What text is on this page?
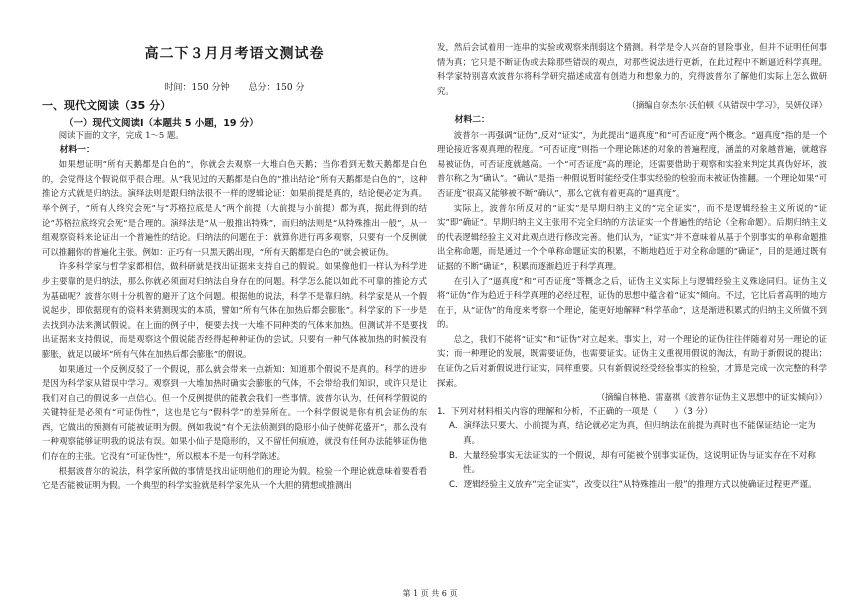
高二下３月月考语文测试卷
时间：150 分钟 总分：150 分
一、现代文阅读（35 分）
（一）现代文阅读Ⅰ（本题共 5 小题，19 分）
阅读下面的文字，完成 1～5 题。
材料一：
如果想证明“所有天鹅都是白色的”，你就会去观察一大堆白色天鹅；当你看到无数天鹅都是白色的，会觉得这个假说似乎很合理。从“我见过的天鹅都是白色的”推出结论“所有天鹅都是白色的”，这种推论方式就是归纳法。演绎法则是跟归纳法很不一样的逻辑论证：如果前提是真的，结论便必定为真。举个例子，“所有人终究会死”与“苏格拉底是人”两个前提（大前提与小前提）都为真，据此得到的结论“苏格拉底终究会死”是合理的。演绎法是“从一般推出特殊”，而归纳法则是“从特殊推出一般”，从一组观察资料来论证出一个普遍性的结论。归纳法的问题在于：就算你进行再多观察，只要有一个反例就可以推翻你的普遍化主张。例如：正巧有一只黑天鹅出现，“所有天鹅都是白色的”就会被证伪。
许多科学家与哲学家都相信，做科研就是找出证据来支持自己的假说。如果像他们一样认为科学进步主要靠的是归纳法，那么你就必须面对归纳法自身存在的问题。科学怎么能以如此不可靠的推论方式为基础呢？波普尔则十分机智的避开了这个问题。根据他的说法，科学不是靠归纳。科学家是从一个假说起步，即依据现有的资料来猜测现实的本质，譬如“所有气体在加热后都会膨胀”。科学家的下一步是去找到办法来测试假说。在上面的例子中，便要去找一大堆不同种类的气体来加热。但测试并不是要找出证据来支持假说，而是观察这个假说能否经得起种种证伪的尝试。只要有一种气体被加热的时候没有膨胀，就足以破坏“所有气体在加热后都会膨胀”的假说。
如果通过一个反例反驳了一个假说，那么就会带来一点新知：知道那个假说不是真的。科学的进步是因为科学家从错误中学习。观察到一大堆加热时确实会膨胀的气体，不会带给我们知识，或许只是让我们对自己的假说多一点信心。但一个反例提供的能教会我们一些事情。波普尔认为，任何科学假说的关键特征是必须有“可证伪性”，这也是它与“假科学”的差异所在。一个科学假说是你有机会证伪的东西，它做出的预测有可能被证明为假。例如我说“有个无法侦测到的隐形小仙子使鲜花盛开”，那么没有一种观察能够证明我的说法有误。如果小仙子是隐形的，又不留任何痕迹，就没有任何办法能够证伪他们存在的主张。它没有“可证伪性”，所以根本不是一句科学陈述。
根据波普尔的说法，科学家所做的事情是找出证明他们的理论为假。检验一个理论就意味着要看看它是否能被证明为假。一个典型的科学实验就是科学家先从一个大胆的猜想或推测出
发，然后会试着用一连串的实验或观察来削弱这个猜测。科学是令人兴奋的冒险事业，但并不证明任何事情为真；它只是不断证伪或去除那些错误的观点，对那些说法进行更新，在此过程中不断逼近科学真理。科学家特别喜欢波普尔将科学研究描述成富有创造力和想象力的，究得波普尔了解他们实际上怎么做研究。
（摘编自奈杰尔·沃伯顿《从错误中学习》，吴妍仪译）
材料二：
波普尔一再强调“证伪”,反对“证实”，为此提出“逼真度”和“可否证度”两个概念。“逼真度”指的是一个理论接近客观真理的程度。“可否证度”则指一个理论陈述的对象的普遍程度，涵盖的对象越普遍，就越容易被证伪，可否证度就越高。一个“可否证度”高的理论，还需要借助于观察和实验来判定其真伪好坏，波普尔称之为“确认”。“确认”是指一种假说暂时能经受住事实经验的检验而未被证伪推翻。一个理论如果“可否证度”很高又能够被不断“确认”，那么它就有着更高的“逼真度”。
实际上，波普尔所反对的“证实”是早期归纳主义的“完全证实”，而不是逻辑经验主义所说的“证实”即“确证”。早期归纳主义主张用不完全归纳的方法证实一个普遍性的结论（全称命题）。后期归纳主义的代表逻辑经验主义对此观点进行修改完善。他们认为，“证实”并不意味着从基于个别事实的单称命题推出全称命题，而是通过一个个单称命题证实的积累，不断地趋近于对全称命题的“确证”，目的是通过既有证据的不断“确证”，积累而逐渐趋近于科学真理。
在引入了“逼真度”和“可否证度”等概念之后，证伪主义实际上与逻辑经验主义殊途同归。证伪主义将“证伪”作为趋近于科学真理的必经过程，证伪的思想中蕴含着“证实”倾向。不过，它比后者高明的地方在于，从“证伪”的角度来考察一个理论，能更好地解释“科学革命”，这是渐进积累式的归纳主义所做不到的。
总之，我们不能将“证实”和“证伪”对立起来。事实上，对一个理论的证伪往往伴随着对另一理论的证实；而一种理论的发展，既需要证伪，也需要证实。证伪主义重视用假说的淘汰，有助于新假说的提出；在证伪之后对新假说进行证实，同样重要。只有新假说经受经验事实的检验，才算是完成一次完整的科学探索。
（摘编自林艳、雷嘉祺《波普尔证伪主义思想中的证实倾向》）
1．下列对材料相关内容的理解和分析，不正确的一项是（　　）（3 分）
A．演绎法只要大、小前提为真，结论就必定为真，但归纳法在前提为真时也不能保证结论一定为真。
B．大量经验事实无法证实的一个假说，却有可能被个别事实证伪，这说明证伪与证实存在不对称性。
C．逻辑经验主义放弃“完全证实”，改变以往“从特殊推出一般”的推理方式以使确证过程更严谨。
第 1 页 共 6 页
